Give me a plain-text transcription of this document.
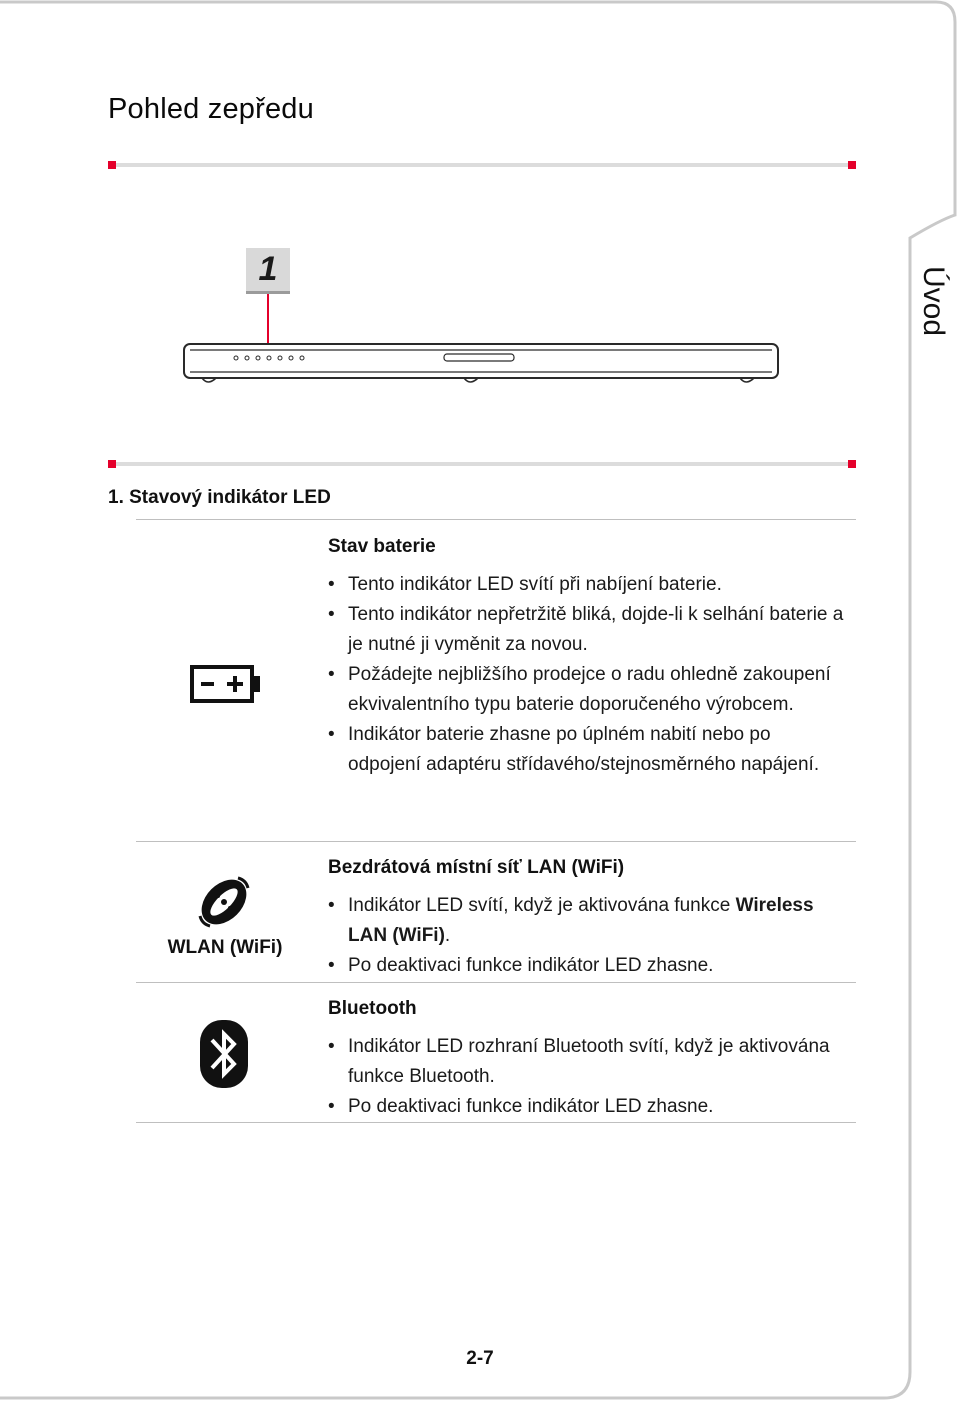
Pohled zepředu
Úvod
1
1. Stavový indikátor LED
Stav baterie
• Tento indikátor LED svítí při nabíjení baterie.
• Tento indikátor nepřetržitě bliká, dojde-li k selhání baterie a je nutné ji vyměnit za novou.
• Požádejte nejbližšího prodejce o radu ohledně zakoupení ekvivalentního typu baterie doporučeného výrobcem.
• Indikátor baterie zhasne po úplném nabití nebo po odpojení adaptéru střídavého/stejnosměrného napájení.
WLAN (WiFi)
Bezdrátová místní síť LAN (WiFi)
• Indikátor LED svítí, když je aktivována funkce Wireless LAN (WiFi).
• Po deaktivaci funkce indikátor LED zhasne.
Bluetooth
• Indikátor LED rozhraní Bluetooth svítí, když je aktivována funkce Bluetooth.
• Po deaktivaci funkce indikátor LED zhasne.
2-7
